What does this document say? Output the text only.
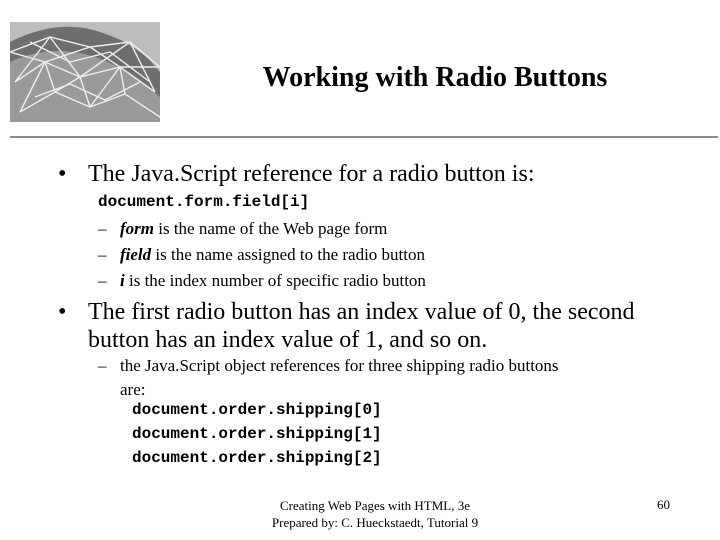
Working with Radio Buttons
• The Java.Script reference for a radio button is:
document.form.field[i]
– form is the name of the Web page form
– field is the name assigned to the radio button
– i is the index number of specific radio button
• The first radio button has an index value of 0, the second
button has an index value of 1, and so on.
– the Java.Script object references for three shipping radio buttons
are:
document.order.shipping[0]
document.order.shipping[1]
document.order.shipping[2]
Creating Web Pages with HTML, 3e
Prepared by: C. Hueckstaedt, Tutorial 9
60
